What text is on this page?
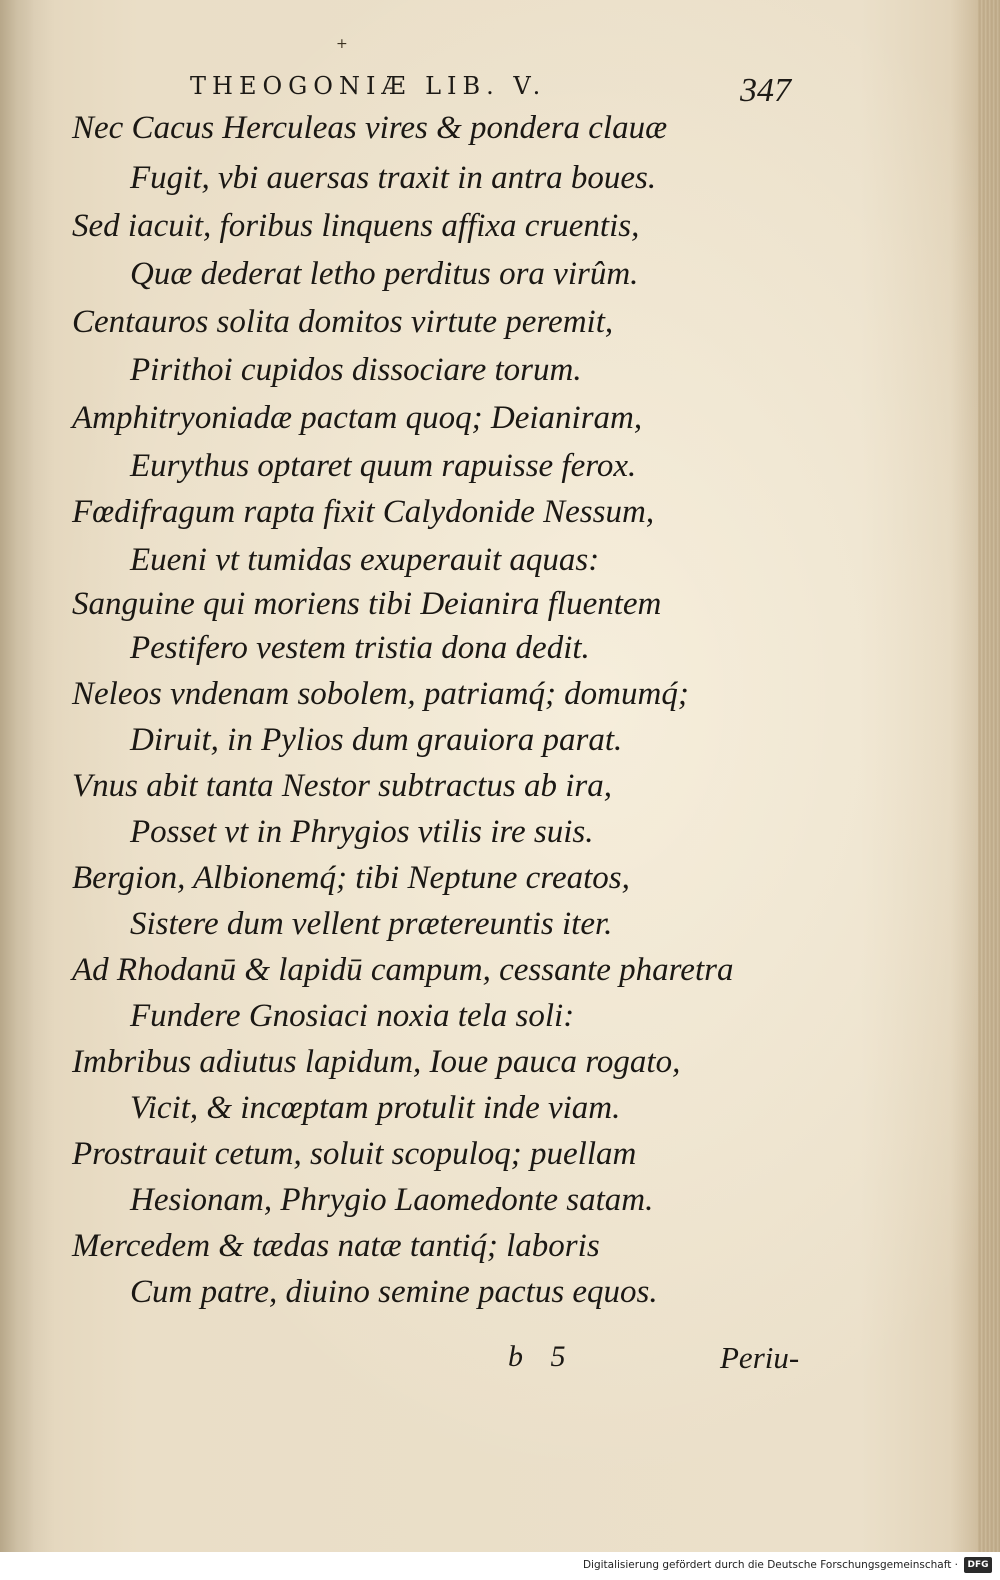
+
THEOGONIÆ LIB. V.	347
Nec Cacus Herculeas vires & pondera clauæ
Fugit, vbi auersas traxit in antra boues.
Sed iacuit, foribus linquens affixa cruentis,
Quæ dederat letho perditus ora virûm.
Centauros solita domitos virtute peremit,
Pirithoi cupidos dissociare torum.
Amphitryoniadæ pactam quoq; Deianiram,
Eurythus optaret quum rapuisse ferox.
Fœdifragum rapta fixit Calydonide Nessum,
Eueni vt tumidas exuperauit aquas:
Sanguine qui moriens tibi Deianira fluentem
Pestifero vestem tristia dona dedit.
Neleos vndenam sobolem, patriamq́; domumq́;
Diruit, in Pylios dum grauiora parat.
Vnus abit tanta Nestor subtractus ab ira,
Posset vt in Phrygios vtilis ire suis.
Bergion, Albionemq́; tibi Neptune creatos,
Sistere dum vellent prætereuntis iter.
Ad Rhodanū & lapidū campum, cessante pharetra
Fundere Gnosiaci noxia tela soli:
Imbribus adiutus lapidum, Ioue pauca rogato,
Vicit, & incœptam protulit inde viam.
Prostrauit cetum, soluit scopuloq; puellam
Hesionam, Phrygio Laomedonte satam.
Mercedem & tædas natæ tantiq́; laboris
Cum patre, diuino semine pactus equos.
b 5	Periu-
Digitalisierung gefördert durch die Deutsche Forschungsgemeinschaft ·	DFG
